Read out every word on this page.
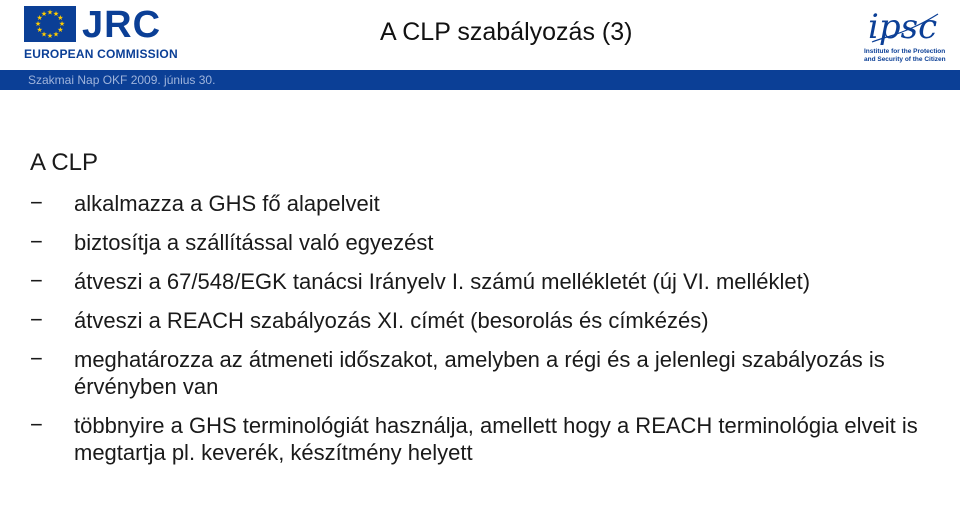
★ ★
★
★
★
★
★
★
★
★
★
★ JRC
EUROPEAN COMMISSION
A CLP szabályozás (3)	ipsc
Institute for the Protection and Security of the Citizen
Szakmai Nap OKF 2009. június 30.
A CLP
− alkalmazza a GHS fő alapelveit
− biztosítja a szállítással való egyezést
− átveszi a 67/548/EGK tanácsi Irányelv I. számú mellékletét (új VI. melléklet)
− átveszi a REACH szabályozás XI. címét (besorolás és címkézés)
− meghatározza az átmeneti időszakot, amelyben a régi és a jelenlegi szabályozás is érvényben van
− többnyire a GHS terminológiát használja, amellett hogy a REACH terminológia elveit is megtartja pl. keverék, készítmény helyett
